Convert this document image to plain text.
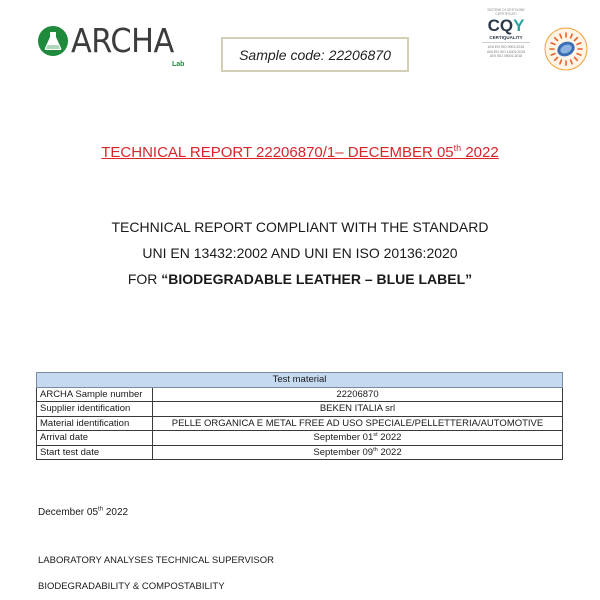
ARCHA
Lab
Sample code: 22206870
SISTEMI DI GESTIONE CERTIFICATI
CQY
CERTIQUALITY
UNI EN ISO 9001:2015
UNI EN ISO 14001:2015
UNI ISO 45001:2018
TECHNICAL REPORT 22206870/1– DECEMBER 05th 2022
TECHNICAL REPORT COMPLIANT WITH THE STANDARD
UNI EN 13432:2002 AND UNI EN ISO 20136:2020
FOR “BIODEGRADABLE LEATHER – BLUE LABEL”
Test material	
ARCHA Sample number	22206870
Supplier identification	BEKEN ITALIA srl
Material identification	PELLE ORGANICA E METAL FREE AD USO SPECIALE/PELLETTERIA/AUTOMOTIVE
Arrival date	September 01st 2022
Start test date	September 09th 2022
December 05th 2022
LABORATORY ANALYSES TECHNICAL SUPERVISOR
BIODEGRADABILITY & COMPOSTABILITY
